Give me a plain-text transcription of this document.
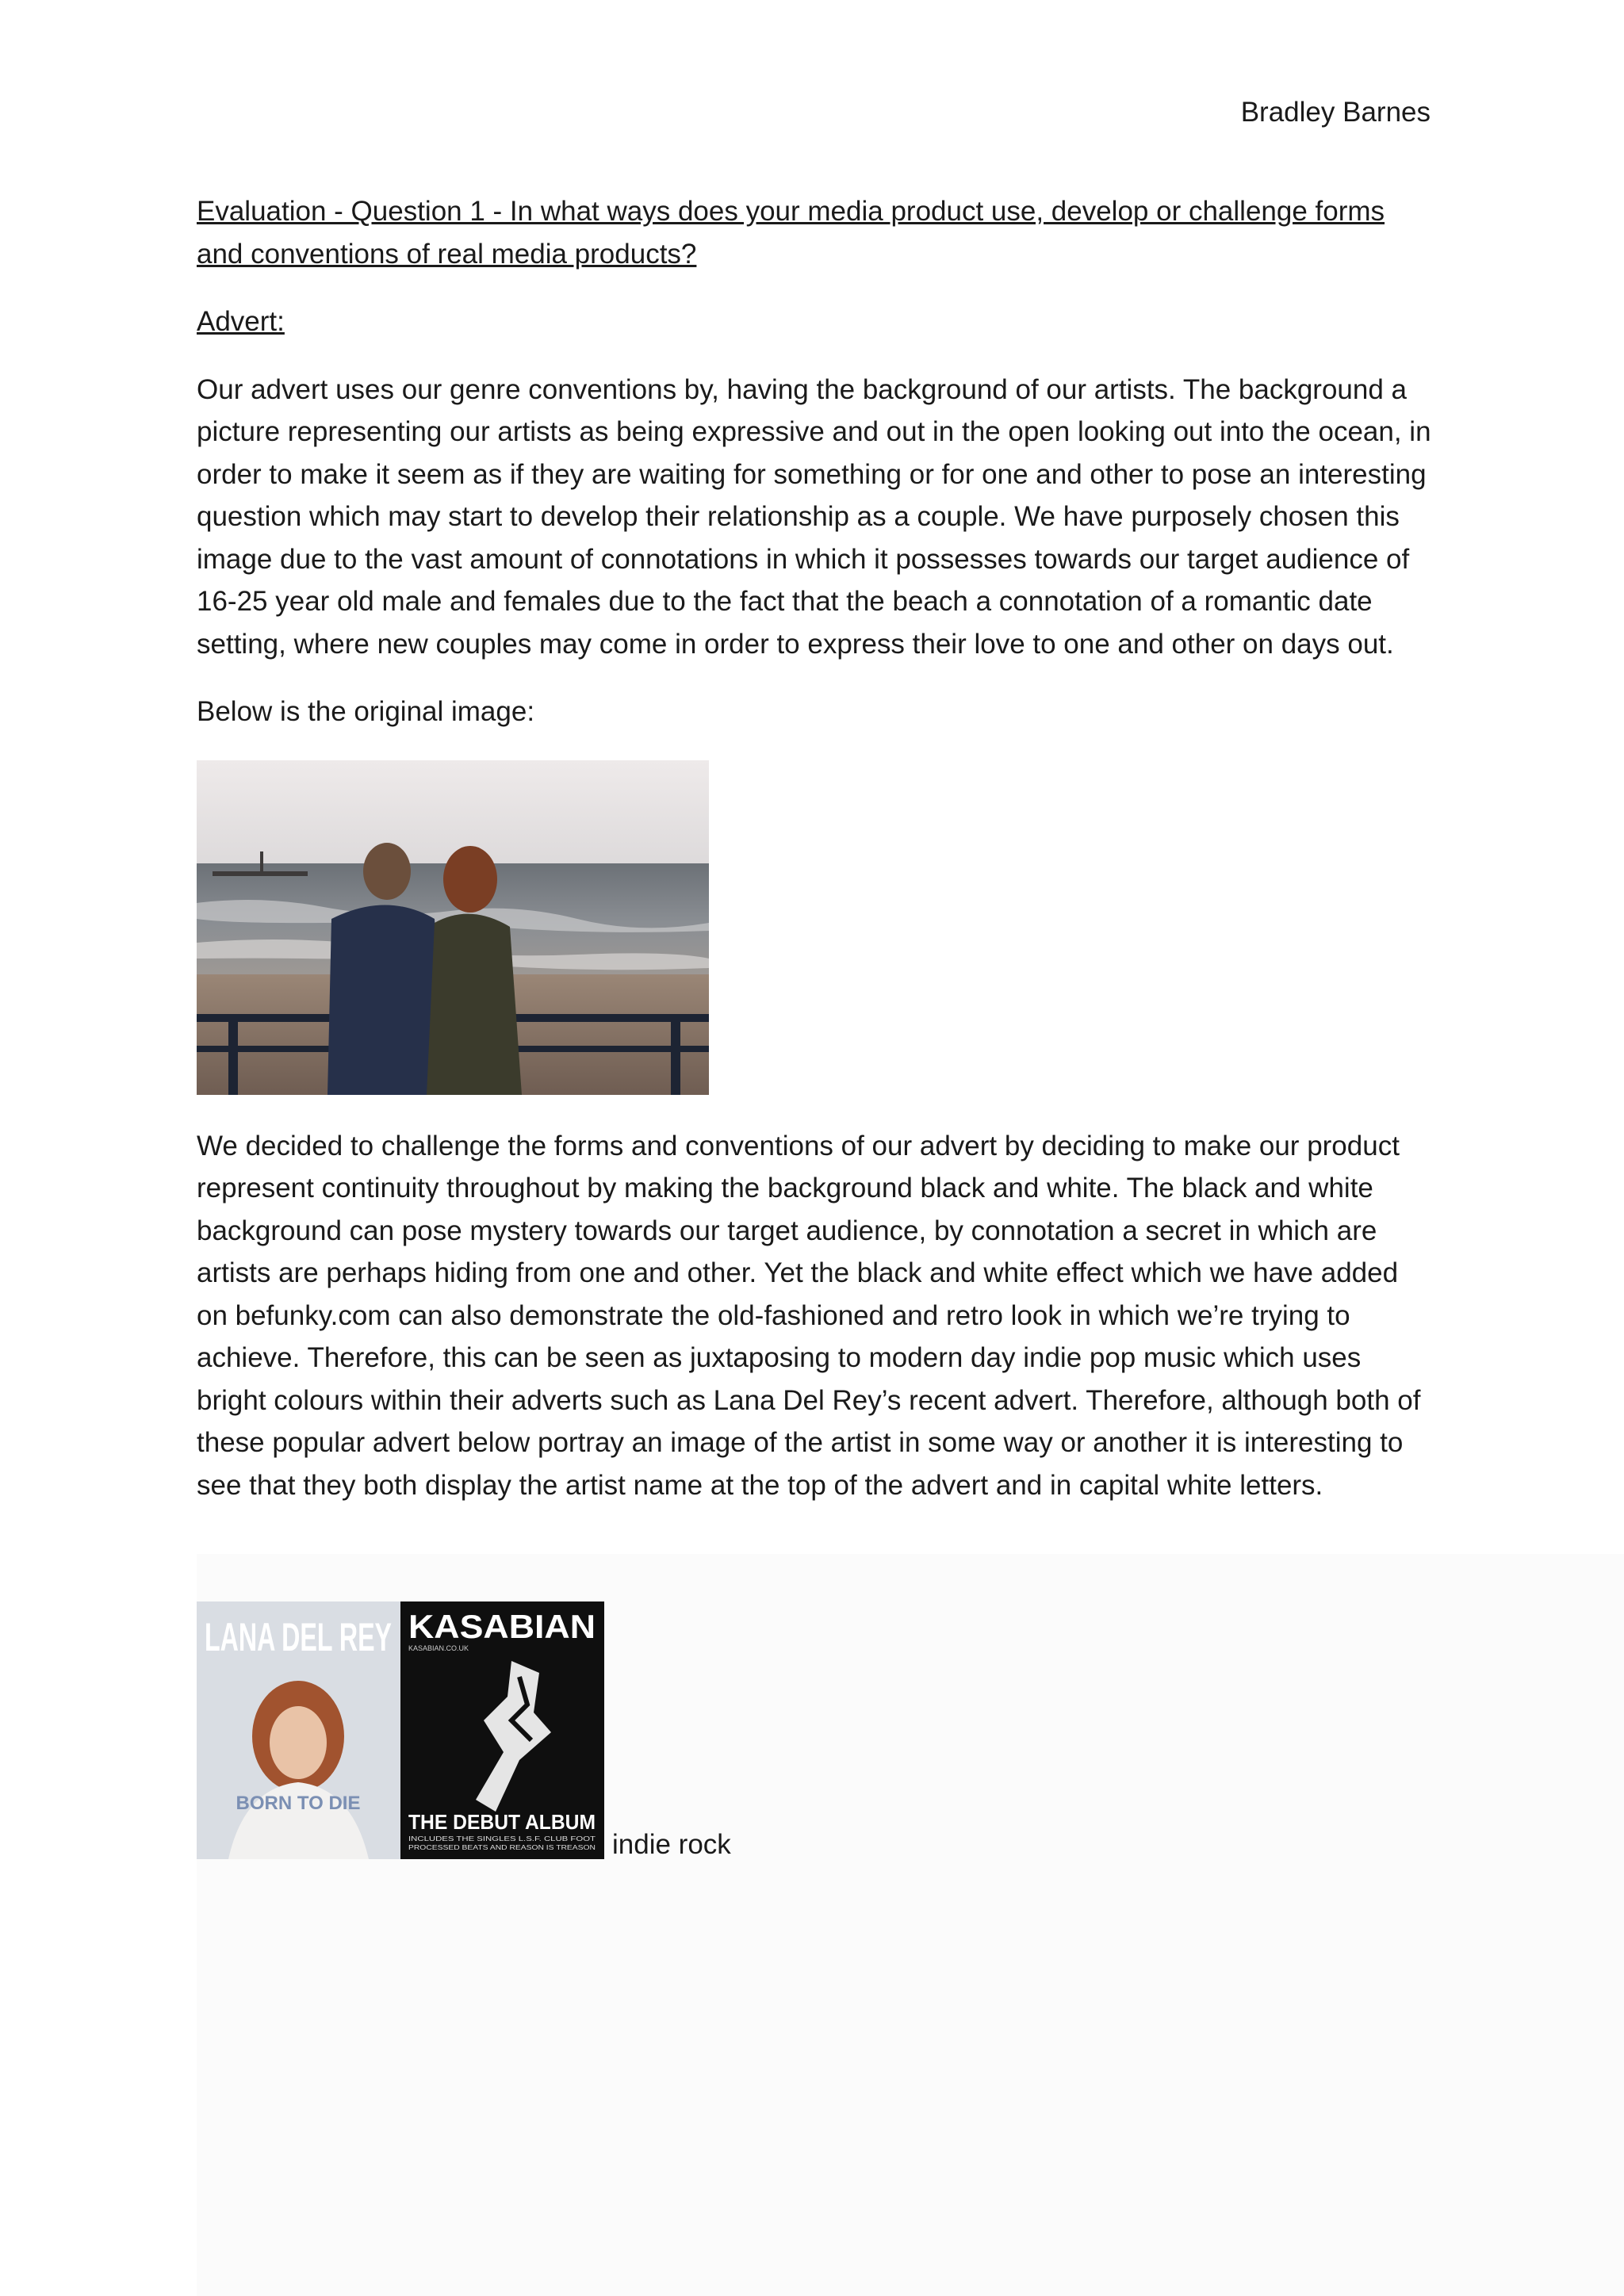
Bradley Barnes
Evaluation - Question 1 - In what ways does your media product use, develop or challenge forms and conventions of real media products?
Advert:

Our advert uses our genre conventions by, having the background of our artists. The background a picture representing our artists as being expressive and out in the open looking out into the ocean, in order to make it seem as if they are waiting for something or for one and other to pose an interesting question which may start to develop their relationship as a couple. We have purposely chosen this image due to the vast amount of connotations in which it possesses towards our target audience of 16-25 year old male and females due to the fact that the beach a connotation of a romantic date setting, where new couples may come in order to express their love to one and other on days out.

Below is the original image:

We decided to challenge the forms and conventions of our advert by deciding to make our product represent continuity throughout by making the background black and white. The black and white background can pose mystery towards our target audience, by connotation a secret in which are artists are perhaps hiding from one and other. Yet the black and white effect which we have added on befunky.com can also demonstrate the old-fashioned and retro look in which we’re trying to achieve. Therefore, this can be seen as juxtaposing to modern day indie pop music which uses bright colours within their adverts such as Lana Del Rey’s recent advert. Therefore, although both of these popular advert below portray an image of the artist in some way or another it is interesting to see that they both display the artist name at the top of the advert and in capital white letters.

LANA DEL REY
BORN TO DIE
KASABIAN
KASABIAN.CO.UK
THE DEBUT ALBUM
INCLUDES THE SINGLES L.S.F. CLUB FOOT
PROCESSED BEATS AND REASON IS TREASON indie rock
